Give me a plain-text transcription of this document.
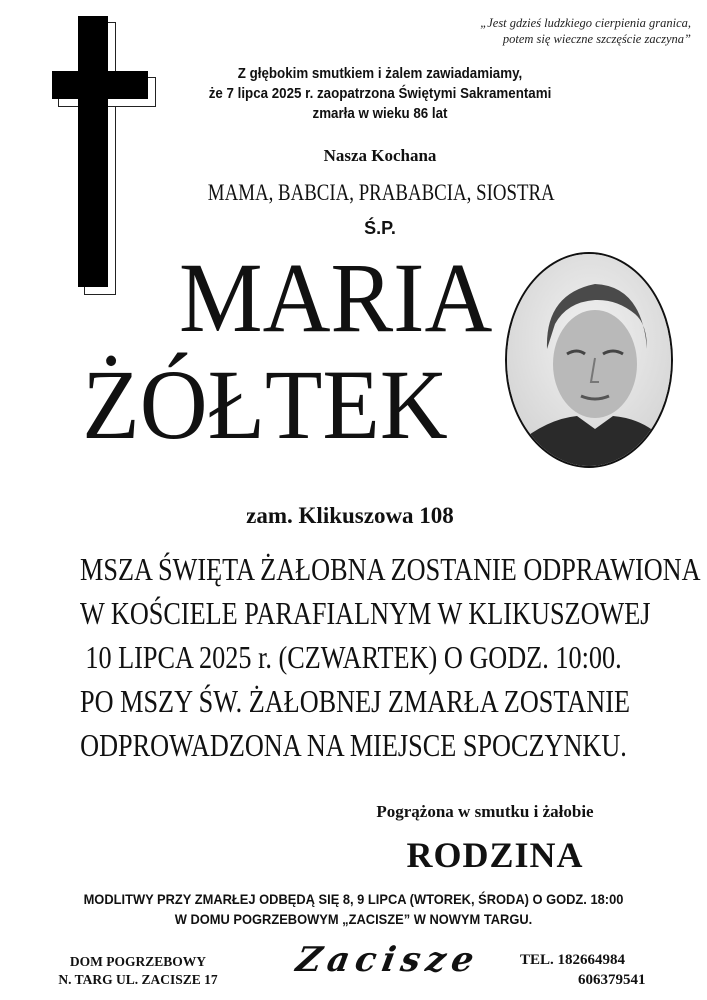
„Jest gdzieś ludzkiego cierpienia granica,
potem się wieczne szczęście zaczyna”
Z głębokim smutkiem i żalem zawiadamiamy,
że 7 lipca 2025 r. zaopatrzona Świętymi Sakramentami
zmarła w wieku 86 lat
Nasza Kochana
MAMA, BABCIA, PRABABCIA, SIOSTRA
Ś.P.
MARIA
ŻÓŁTEK
zam. Klikuszowa 108
MSZA ŚWIĘTA ŻAŁOBNA ZOSTANIE ODPRAWIONA
W KOŚCIELE PARAFIALNYM W KLIKUSZOWEJ
10 LIPCA 2025 r. (CZWARTEK) O GODZ. 10:00.
PO MSZY ŚW. ŻAŁOBNEJ ZMARŁA ZOSTANIE
ODPROWADZONA NA MIEJSCE SPOCZYNKU.
Pogrążona w smutku i żałobie
RODZINA
MODLITWY PRZY ZMARŁEJ ODBĘDĄ SIĘ 8, 9 LIPCA (WTOREK, ŚRODA) O GODZ. 18:00
W DOMU POGRZEBOWYM „ZACISZE” W NOWYM TARGU.
DOM POGRZEBOWY
N. TARG UL. ZACISZE 17	Zacisze	TEL. 182664984
606379541
